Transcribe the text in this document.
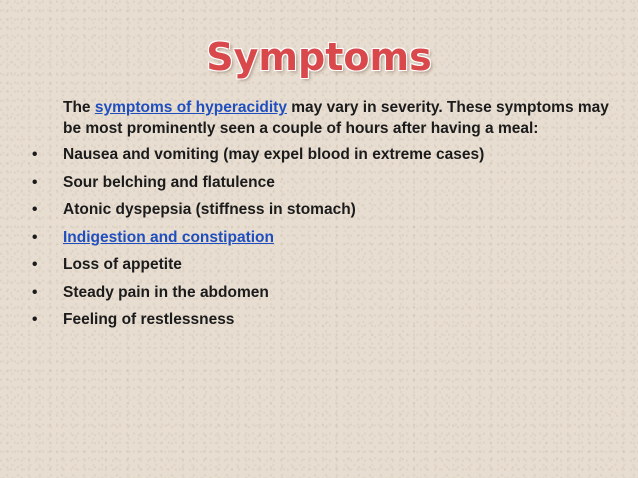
Symptoms

The symptoms of hyperacidity may vary in severity. These symptoms may be most prominently seen a couple of hours after having a meal:

•	Nausea and vomiting (may expel blood in extreme cases)
•	Sour belching and flatulence
•	Atonic dyspepsia (stiffness in stomach)
•	Indigestion and constipation
•	Loss of appetite
•	Steady pain in the abdomen
•	Feeling of restlessness
